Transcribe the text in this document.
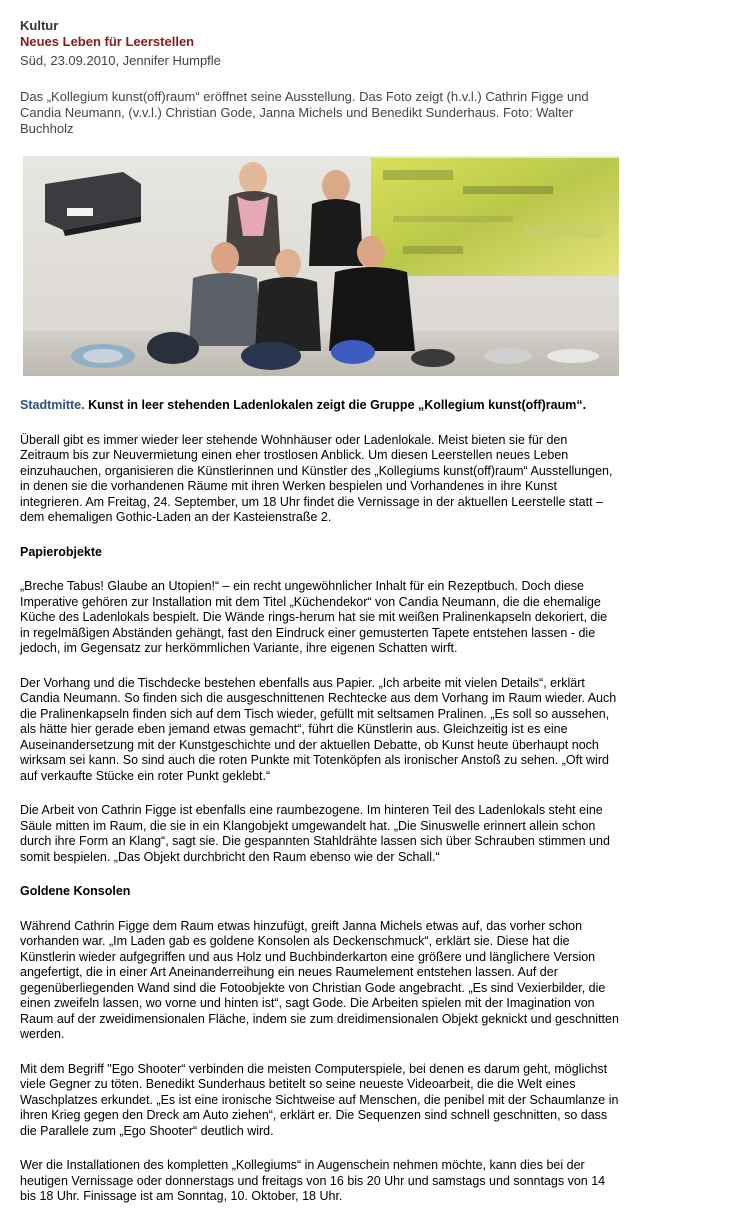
Kultur
Neues Leben für Leerstellen
Süd, 23.09.2010, Jennifer Humpfle
Das „Kollegium kunst(off)raum“ eröffnet seine Ausstellung. Das Foto zeigt (h.v.l.) Cathrin Figge und Candia Neumann, (v.v.l.) Christian Gode, Janna Michels und Benedikt Sunderhaus. Foto: Walter Buchholz

Stadtmitte. Kunst in leer stehenden Ladenlokalen zeigt die Gruppe „Kollegium kunst(off)raum“.

Überall gibt es immer wieder leer stehende Wohnhäuser oder Ladenlokale. Meist bieten sie für den Zeitraum bis zur Neuvermietung einen eher trostlosen Anblick. Um diesen Leerstellen neues Leben einzuhauchen, organisieren die Künstlerinnen und Künstler des „Kollegiums kunst(off)raum“ Ausstellungen, in denen sie die vorhandenen Räume mit ihren Werken bespielen und Vorhandenes in ihre Kunst integrieren. Am Freitag, 24. September, um 18 Uhr findet die Vernissage in der aktuellen Leerstelle statt – dem ehemaligen Gothic-Laden an der Kasteienstraße 2.

Papierobjekte

„Breche Tabus! Glaube an Utopien!“ – ein recht ungewöhnlicher Inhalt für ein Rezeptbuch. Doch diese Imperative gehören zur Installation mit dem Titel „Küchendekor“ von Candia Neumann, die die ehemalige Küche des Ladenlokals bespielt. Die Wände rings-herum hat sie mit weißen Pralinenkapseln dekoriert, die in regelmäßigen Abständen gehängt, fast den Eindruck einer gemusterten Tapete entstehen lassen - die jedoch, im Gegensatz zur herkömmlichen Variante, ihre eigenen Schatten wirft.

Der Vorhang und die Tischdecke bestehen ebenfalls aus Papier. „Ich arbeite mit vielen Details“, erklärt Candia Neumann. So finden sich die ausgeschnittenen Rechtecke aus dem Vorhang im Raum wieder. Auch die Pralinenkapseln finden sich auf dem Tisch wieder, gefüllt mit seltsamen Pralinen. „Es soll so aussehen, als hätte hier gerade eben jemand etwas gemacht“, führt die Künstlerin aus. Gleichzeitig ist es eine Auseinandersetzung mit der Kunstgeschichte und der aktuellen Debatte, ob Kunst heute überhaupt noch wirksam sei kann. So sind auch die roten Punkte mit Totenköpfen als ironischer Anstoß zu sehen. „Oft wird auf verkaufte Stücke ein roter Punkt geklebt.“

Die Arbeit von Cathrin Figge ist ebenfalls eine raumbezogene. Im hinteren Teil des Ladenlokals steht eine Säule mitten im Raum, die sie in ein Klangobjekt umgewandelt hat. „Die Sinuswelle erinnert allein schon durch ihre Form an Klang“, sagt sie. Die gespannten Stahldrähte lassen sich über Schrauben stimmen und somit bespielen. „Das Objekt durchbricht den Raum ebenso wie der Schall.“

Goldene Konsolen

Während Cathrin Figge dem Raum etwas hinzufügt, greift Janna Michels etwas auf, das vorher schon vorhanden war. „Im Laden gab es goldene Konsolen als Deckenschmuck“, erklärt sie. Diese hat die Künstlerin wieder aufgegriffen und aus Holz und Buchbinderkarton eine größere und länglichere Version angefertigt, die in einer Art Aneinanderreihung ein neues Raumelement entstehen lassen. Auf der gegenüberliegenden Wand sind die Fotoobjekte von Christian Gode angebracht. „Es sind Vexierbilder, die einen zweifeln lassen, wo vorne und hinten ist“, sagt Gode. Die Arbeiten spielen mit der Imagination von Raum auf der zweidimensionalen Fläche, indem sie zum dreidimensionalen Objekt geknickt und geschnitten werden.

Mit dem Begriff "Ego Shooter“ verbinden die meisten Computerspiele, bei denen es darum geht, möglichst viele Gegner zu töten. Benedikt Sunderhaus betitelt so seine neueste Videoarbeit, die die Welt eines Waschplatzes erkundet. „Es ist eine ironische Sichtweise auf Menschen, die penibel mit der Schaumlanze in ihren Krieg gegen den Dreck am Auto ziehen“, erklärt er. Die Sequenzen sind schnell geschnitten, so dass die Parallele zum „Ego Shooter“ deutlich wird.

Wer die Installationen des kompletten „Kollegiums“ in Augenschein nehmen möchte, kann dies bei der heutigen Vernissage oder donnerstags und freitags von 16 bis 20 Uhr und samstags und sonntags von 14 bis 18 Uhr. Finissage ist am Sonntag, 10. Oktober, 18 Uhr.
